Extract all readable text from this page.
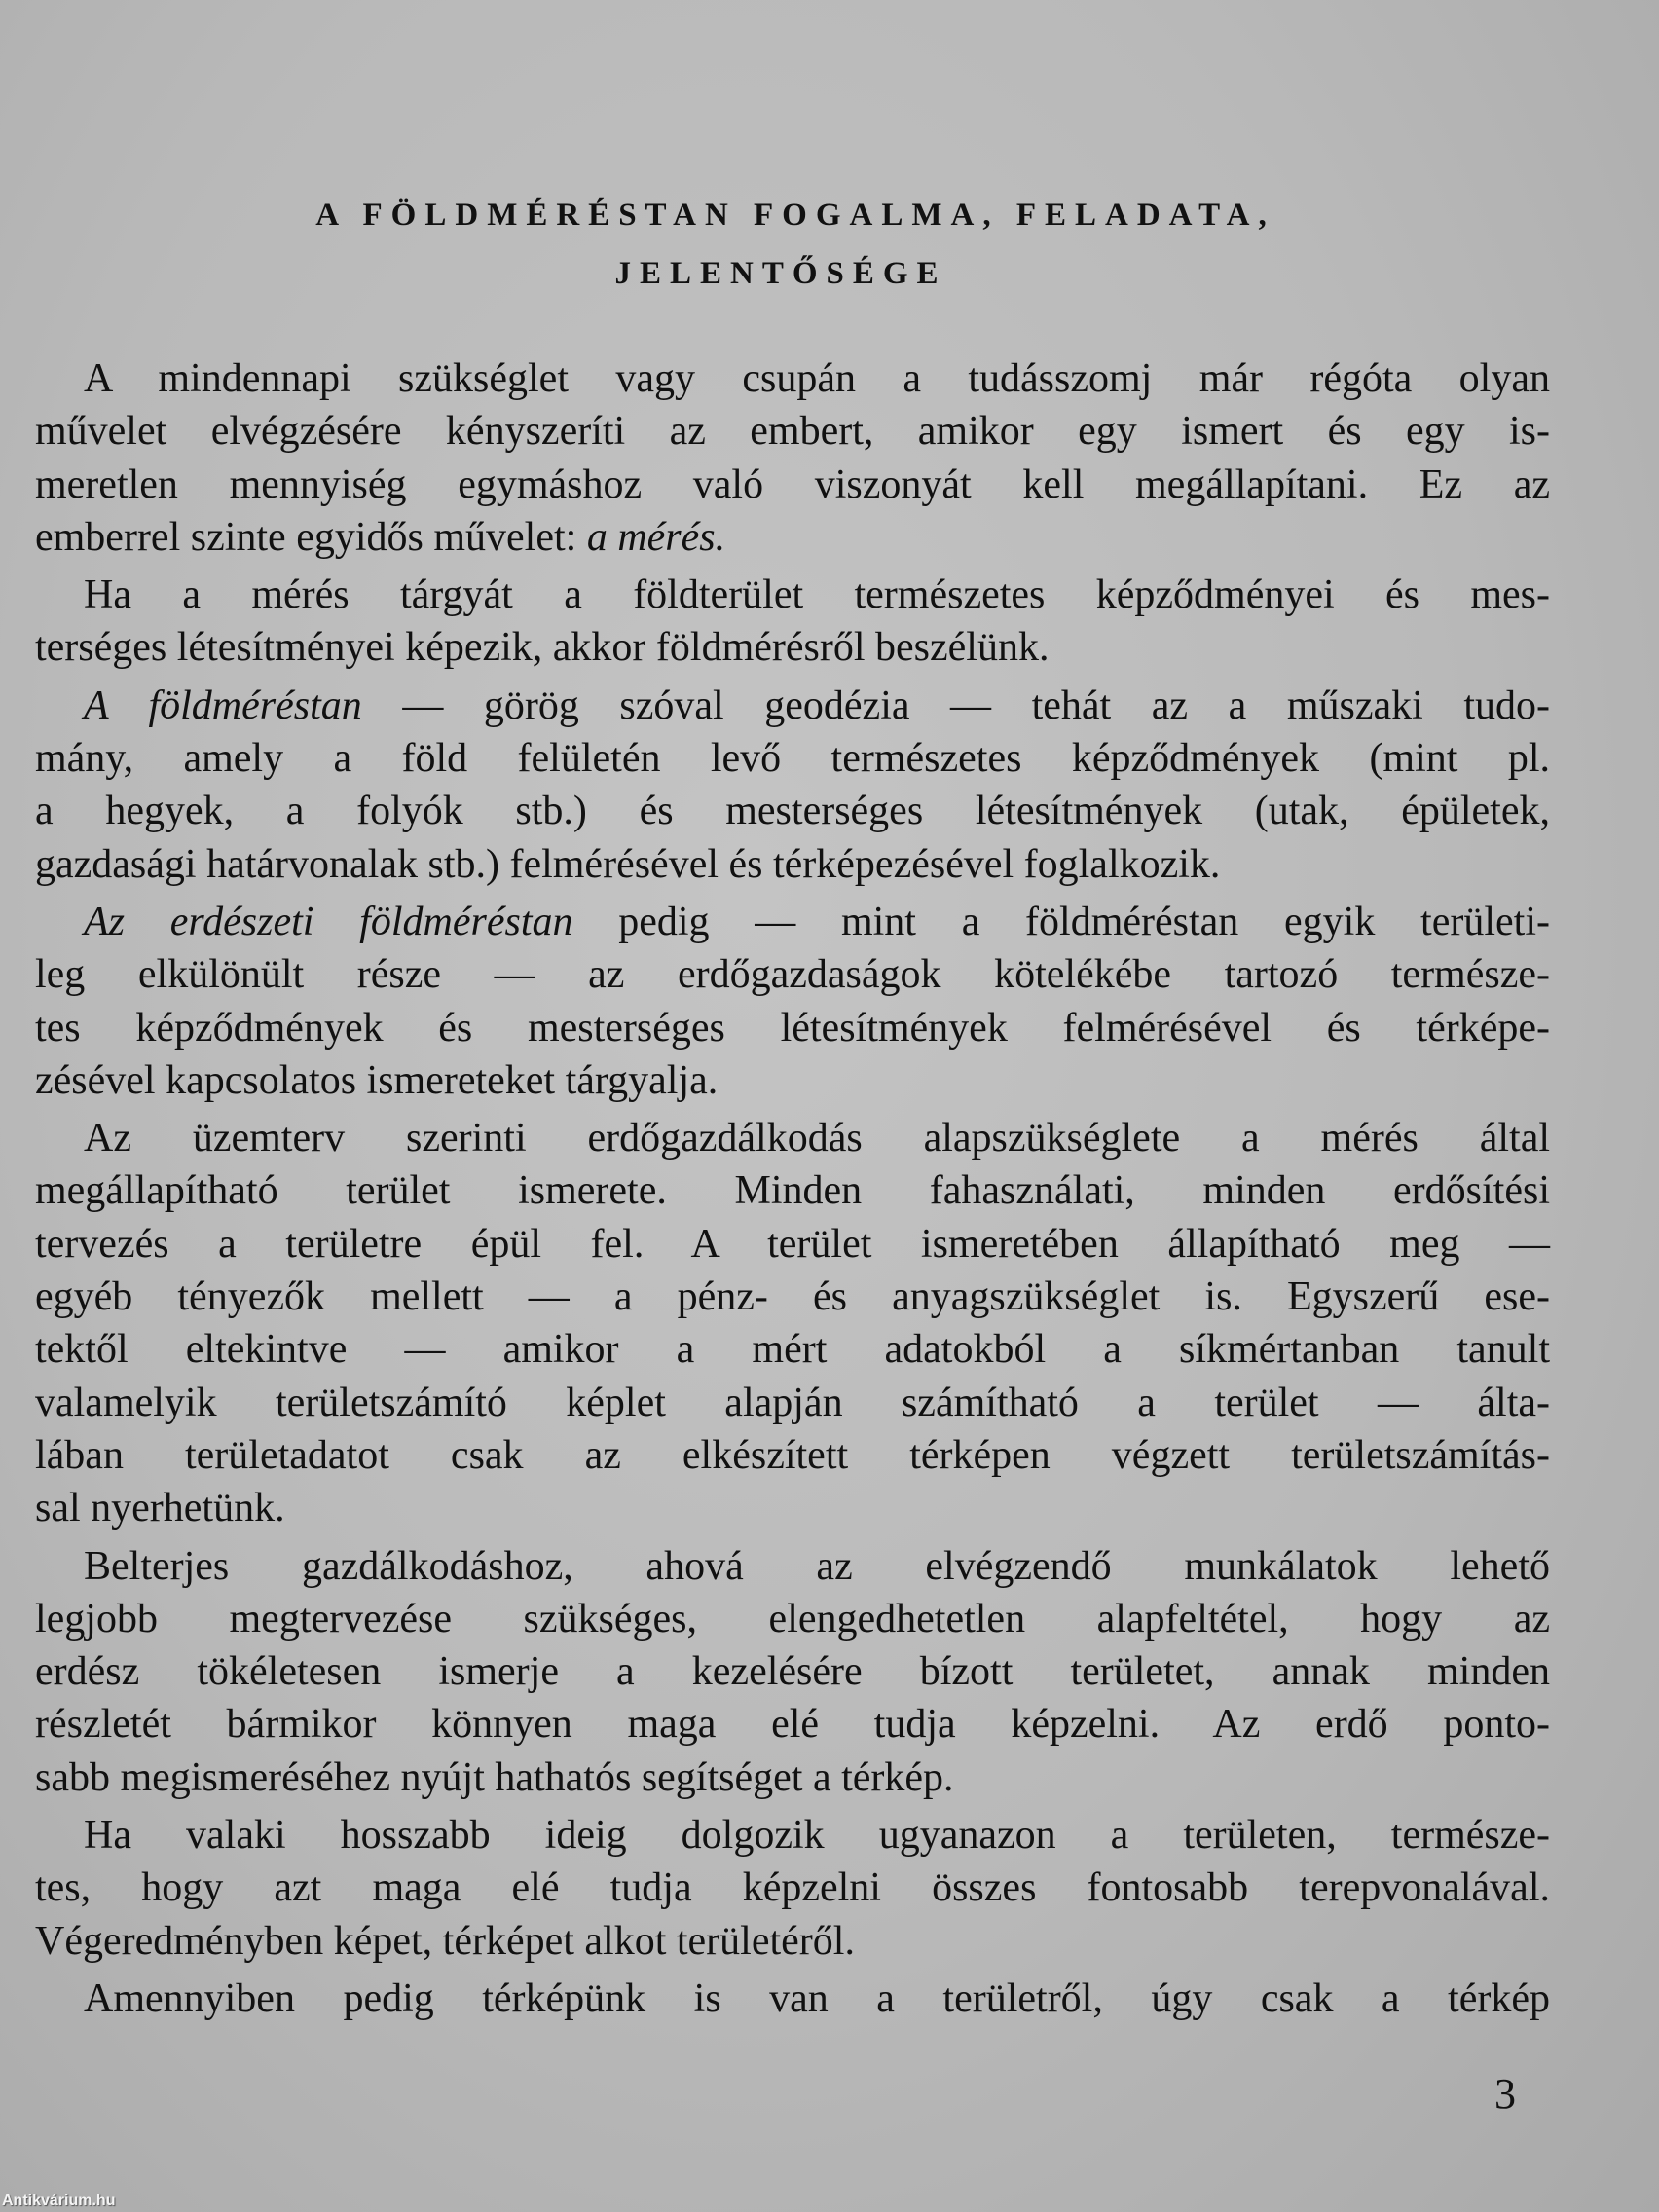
A FÖLDMÉRÉSTAN FOGALMA, FELADATA,
JELENTŐSÉGE
A mindennapi szükséglet vagy csupán a tudásszomj már régóta olyan
művelet elvégzésére kényszeríti az embert, amikor egy ismert és egy is-
meretlen mennyiség egymáshoz való viszonyát kell megállapítani. Ez az
emberrel szinte egyidős művelet: a mérés.
Ha a mérés tárgyát a földterület természetes képződményei és mes-
terséges létesítményei képezik, akkor földmérésről beszélünk.
A földméréstan — görög szóval geodézia — tehát az a műszaki tudo-
mány, amely a föld felületén levő természetes képződmények (mint pl.
a hegyek, a folyók stb.) és mesterséges létesítmények (utak, épületek,
gazdasági határvonalak stb.) felmérésével és térképezésével foglalkozik.
Az erdészeti földméréstan pedig — mint a földméréstan egyik területi-
leg elkülönült része — az erdőgazdaságok kötelékébe tartozó természe-
tes képződmények és mesterséges létesítmények felmérésével és térképe-
zésével kapcsolatos ismereteket tárgyalja.
Az üzemterv szerinti erdőgazdálkodás alapszükséglete a mérés által
megállapítható terület ismerete. Minden fahasználati, minden erdősítési
tervezés a területre épül fel. A terület ismeretében állapítható meg —
egyéb tényezők mellett — a pénz- és anyagszükséglet is. Egyszerű ese-
tektől eltekintve — amikor a mért adatokból a síkmértanban tanult
valamelyik területszámító képlet alapján számítható a terület — álta-
lában területadatot csak az elkészített térképen végzett területszámítás-
sal nyerhetünk.
Belterjes gazdálkodáshoz, ahová az elvégzendő munkálatok lehető
legjobb megtervezése szükséges, elengedhetetlen alapfeltétel, hogy az
erdész tökéletesen ismerje a kezelésére bízott területet, annak minden
részletét bármikor könnyen maga elé tudja képzelni. Az erdő ponto-
sabb megismeréséhez nyújt hathatós segítséget a térkép.
Ha valaki hosszabb ideig dolgozik ugyanazon a területen, természe-
tes, hogy azt maga elé tudja képzelni összes fontosabb terepvonalával.
Végeredményben képet, térképet alkot területéről.
Amennyiben pedig térképünk is van a területről, úgy csak a térkép
3
Antikvárium.hu
